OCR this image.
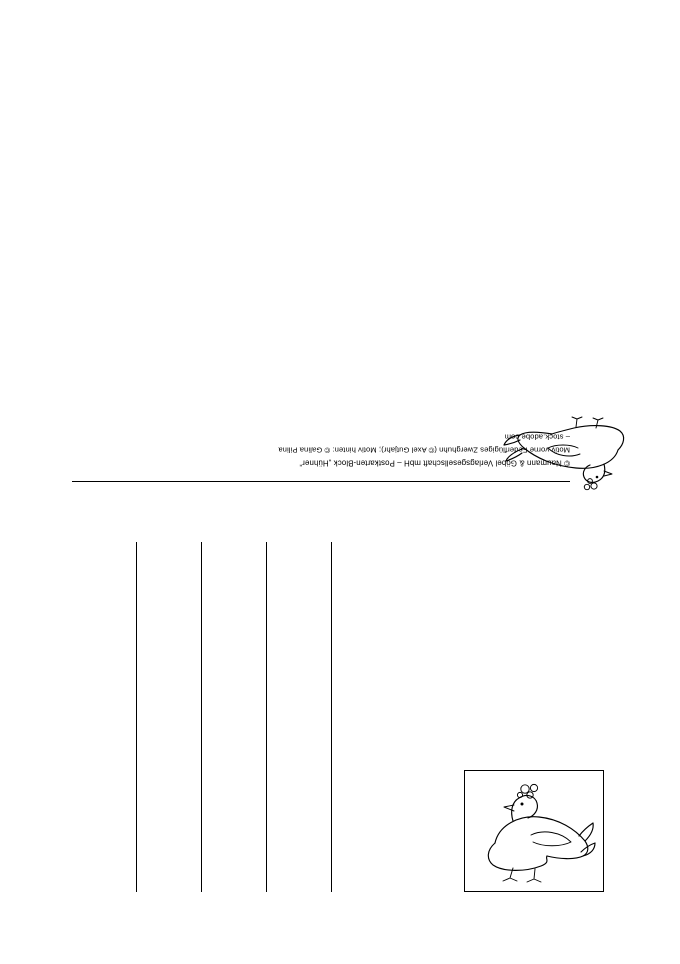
© Naumann & Göbel Verlagsgesellschaft mbH – Postkarten-Block „Hühner“
Motiv vorne Federflügiges Zwerghuhn (© Axel Gutjahr); Motiv hinten: © Galina Pilina
– stock.adobe.com
